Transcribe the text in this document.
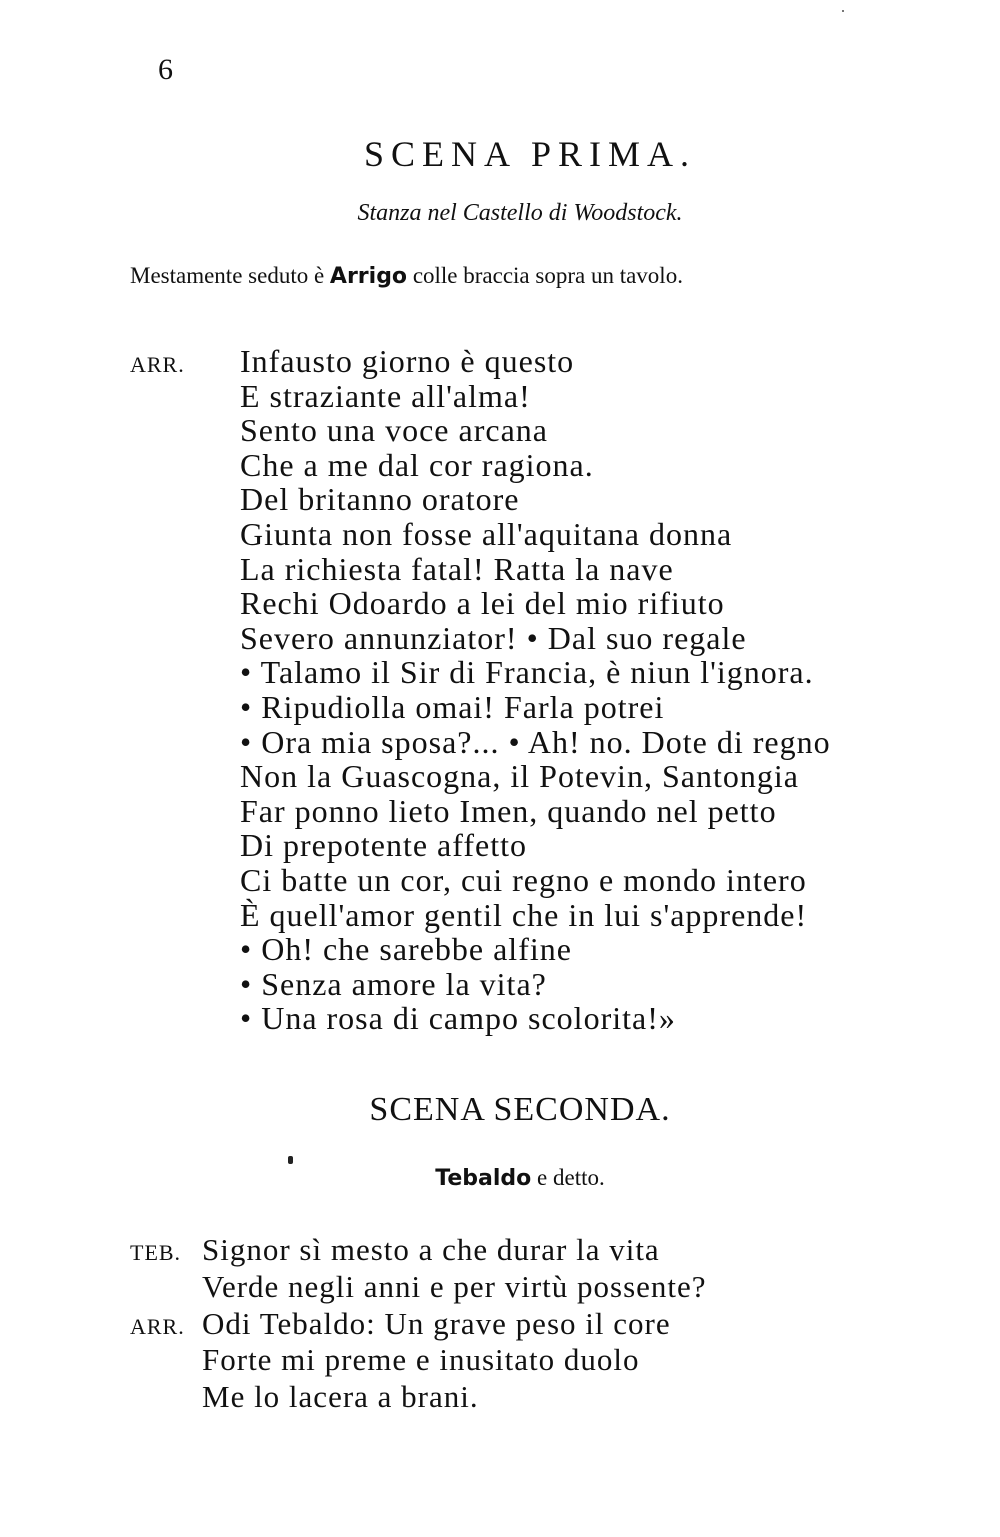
6
SCENA PRIMA.
Stanza nel Castello di Woodstock.
Mestamente seduto è Arrigo colle braccia sopra un tavolo.
ARR.	Infausto giorno è questo
E straziante all'alma!
Sento una voce arcana
Che a me dal cor ragiona.
Del britanno oratore
Giunta non fosse all'aquitana donna
La richiesta fatal! Ratta la nave
Rechi Odoardo a lei del mio rifiuto
Severo annunziator! • Dal suo regale
• Talamo il Sir di Francia, è niun l'ignora.
• Ripudiolla omai! Farla potrei
• Ora mia sposa?... • Ah! no. Dote di regno
Non la Guascogna, il Potevin, Santongia
Far ponno lieto Imen, quando nel petto
Di prepotente affetto
Ci batte un cor, cui regno e mondo intero
È quell'amor gentil che in lui s'apprende!
• Oh! che sarebbe alfine
• Senza amore la vita?
• Una rosa di campo scolorita!»
SCENA SECONDA.
Tebaldo e detto.
TEB. Signor sì mesto a che durar la vita
Verde negli anni e per virtù possente?
ARR. Odi Tebaldo: Un grave peso il core
Forte mi preme e inusitato duolo
Me lo lacera a brani.
